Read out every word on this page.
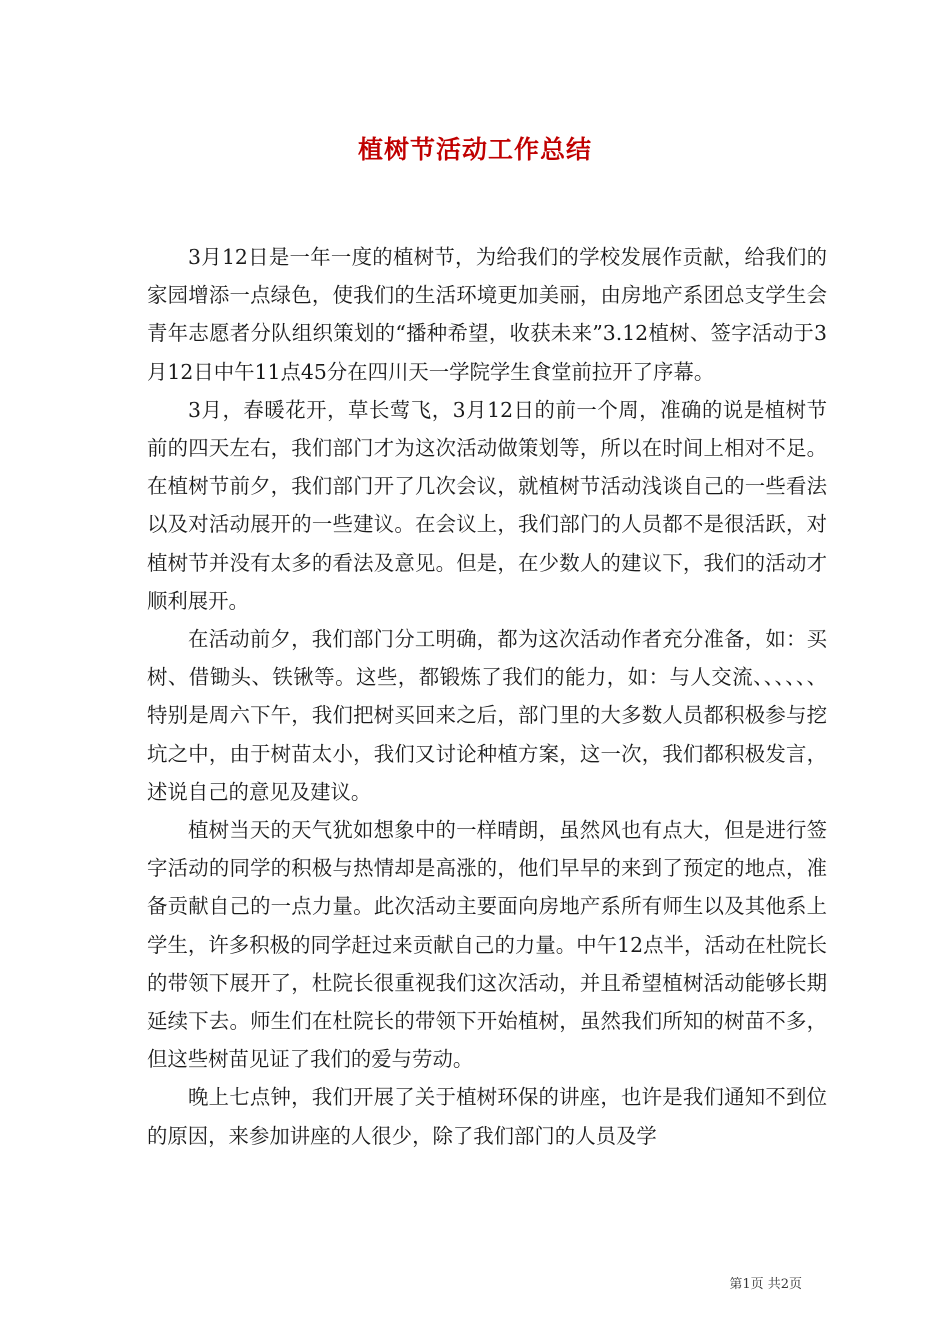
植树节活动工作总结

3月12日是一年一度的植树节，为给我们的学校发展作贡献，给我们的家园增添一点绿色，使我们的生活环境更加美丽，由房地产系团总支学生会青年志愿者分队组织策划的“播种希望，收获未来”3.12植树、签字活动于3月12日中午11点45分在四川天一学院学生食堂前拉开了序幕。

3月，春暖花开，草长莺飞，3月12日的前一个周，准确的说是植树节前的四天左右，我们部门才为这次活动做策划等，所以在时间上相对不足。在植树节前夕，我们部门开了几次会议，就植树节活动浅谈自己的一些看法以及对活动展开的一些建议。在会议上，我们部门的人员都不是很活跃，对植树节并没有太多的看法及意见。但是，在少数人的建议下，我们的活动才顺利展开。

在活动前夕，我们部门分工明确，都为这次活动作者充分准备，如：买树、借锄头、铁锹等。这些，都锻炼了我们的能力，如：与人交流、、、、、、特别是周六下午，我们把树买回来之后，部门里的大多数人员都积极参与挖坑之中，由于树苗太小，我们又讨论种植方案，这一次，我们都积极发言，述说自己的意见及建议。

植树当天的天气犹如想象中的一样晴朗，虽然风也有点大，但是进行签字活动的同学的积极与热情却是高涨的，他们早早的来到了预定的地点，准备贡献自己的一点力量。此次活动主要面向房地产系所有师生以及其他系上学生，许多积极的同学赶过来贡献自己的力量。中午12点半，活动在杜院长的带领下展开了，杜院长很重视我们这次活动，并且希望植树活动能够长期延续下去。师生们在杜院长的带领下开始植树，虽然我们所知的树苗不多，但这些树苗见证了我们的爱与劳动。

晚上七点钟，我们开展了关于植树环保的讲座，也许是我们通知不到位的原因，来参加讲座的人很少，除了我们部门的人员及学

第1页 共2页
